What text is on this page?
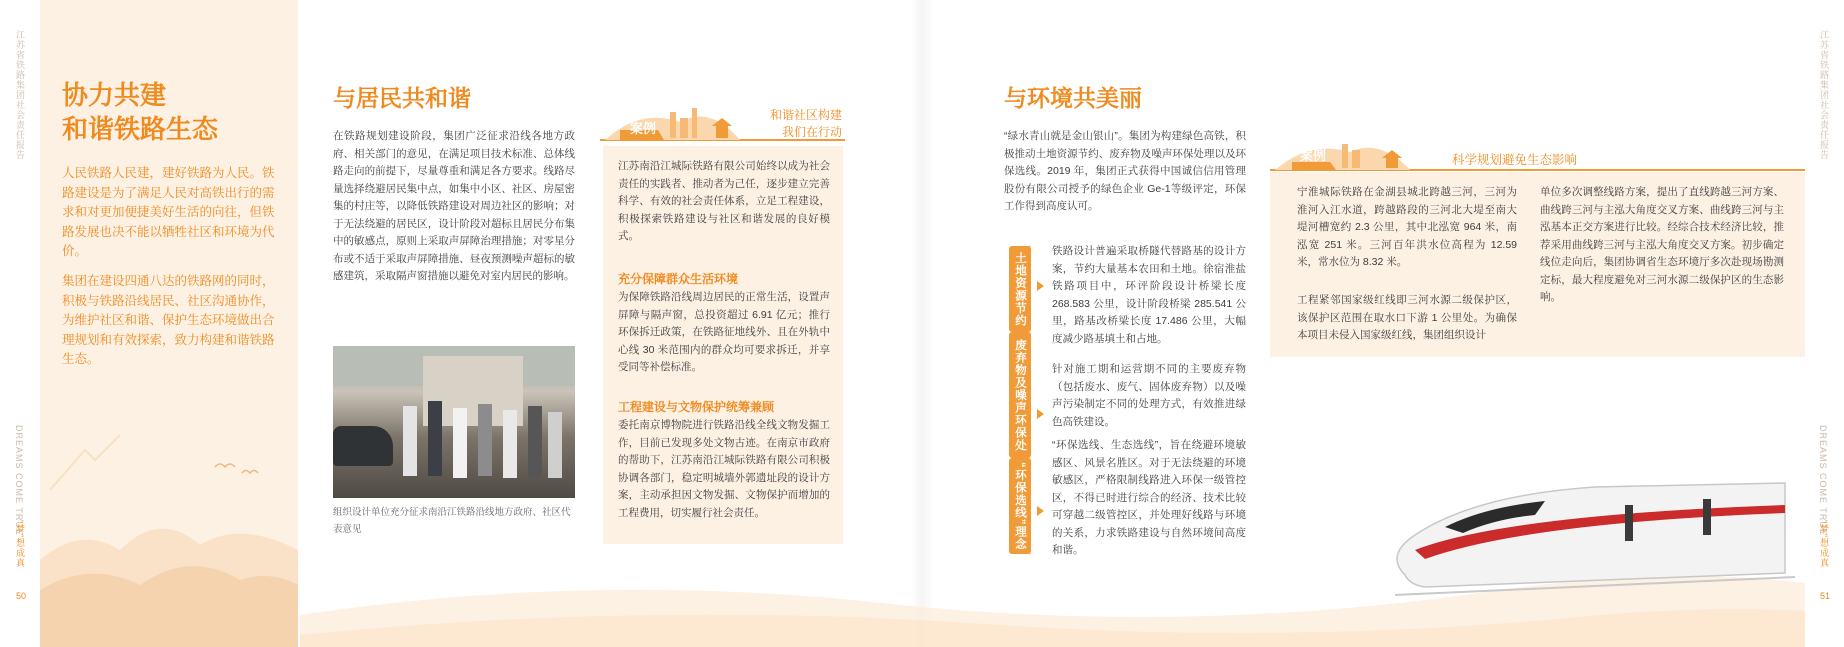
江苏省铁路集团社会责任报告
DREAMS COME TRUE
“梦”想成真
50
协力共建
和谐铁路生态
人民铁路人民建，建好铁路为人民。铁路建设是为了满足人民对高铁出行的需求和对更加便捷美好生活的向往，但铁路发展也决不能以牺牲社区和环境为代价。
集团在建设四通八达的铁路网的同时，积极与铁路沿线居民、社区沟通协作，为维护社区和谐、保护生态环境做出合理规划和有效探索，致力构建和谐铁路生态。
与居民共和谐
在铁路规划建设阶段，集团广泛征求沿线各地方政府、相关部门的意见，在满足项目技术标准、总体线路走向的前提下，尽量尊重和满足各方要求。线路尽量选择绕避居民集中点，如集中小区、社区、房屋密集的村庄等，以降低铁路建设对周边社区的影响；对于无法绕避的居民区，设计阶段对超标且居民分布集中的敏感点，原则上采取声屏障治理措施；对零星分布或不适于采取声屏障措施、昼夜预测噪声超标的敏感建筑，采取隔声窗措施以避免对室内居民的影响。
组织设计单位充分征求南沿江铁路沿线地方政府、社区代表意见
案例
和谐社区构建
我们在行动
江苏南沿江城际铁路有限公司始终以成为社会责任的实践者、推动者为己任，逐步建立完善科学、有效的社会责任体系，立足工程建设，积极探索铁路建设与社区和谐发展的良好模式。
充分保障群众生活环境
为保障铁路沿线周边居民的正常生活，设置声屏障与隔声窗，总投资超过 6.91 亿元；推行环保拆迁政策，在铁路征地线外、且在外轨中心线 30 米范围内的群众均可要求拆迁，并享受同等补偿标准。
工程建设与文物保护统筹兼顾
委托南京博物院进行铁路沿线全线文物发掘工作，目前已发现多处文物古迹。在南京市政府的帮助下，江苏南沿江城际铁路有限公司积极协调各部门，稳定明城墙外郭遗址段的设计方案，主动承担因文物发掘、文物保护而增加的工程费用，切实履行社会责任。
与环境共美丽
“绿水青山就是金山银山”。集团为构建绿色高铁，积极推动土地资源节约、废弃物及噪声环保处理以及环保选线。2019 年，集团正式获得中国诚信信用管理股份有限公司授予的绿色企业 Ge-1等级评定，环保工作得到高度认可。
土地资源节约
铁路设计普遍采取桥隧代替路基的设计方案，节约大量基本农田和土地。徐宿淮盐铁路项目中，环评阶段设计桥梁长度 268.583 公里，设计阶段桥梁 285.541 公里，路基改桥梁长度 17.486 公里，大幅度减少路基填土和占地。
废弃物及噪声环保处理
针对施工期和运营期不同的主要废弃物（包括废水、废气、固体废弃物）以及噪声污染制定不同的处理方式，有效推进绿色高铁建设。
“环保选线”理念
“环保选线、生态选线”，旨在绕避环境敏感区、风景名胜区。对于无法绕避的环境敏感区，严格限制线路进入环保一级管控区，不得已时进行综合的经济、技术比较可穿越二级管控区，并处理好线路与环境的关系，力求铁路建设与自然环境间高度和谐。
案例	科学规划避免生态影响
宁淮城际铁路在金湖县城北跨越三河，三河为淮河入江水道，跨越路段的三河北大堤至南大堤河槽宽约 2.3 公里，其中北泓宽 964 米，南泓宽 251 米。三河百年洪水位高程为 12.59 米，常水位为 8.32 米。
工程紧邻国家级红线即三河水源二级保护区，该保护区范围在取水口下游 1 公里处。为确保本项目未侵入国家级红线，集团组织设计
单位多次调整线路方案，提出了直线跨越三河方案、曲线跨三河与主泓大角度交叉方案、曲线跨三河与主泓基本正交方案进行比较。经综合技术经济比较，推荐采用曲线跨三河与主泓大角度交叉方案。初步确定线位走向后，集团协调省生态环境厅多次赴现场勘测定标，最大程度避免对三河水源二级保护区的生态影响。
江苏省铁路集团社会责任报告
DREAMS COME TRUE
“梦”想成真
51
